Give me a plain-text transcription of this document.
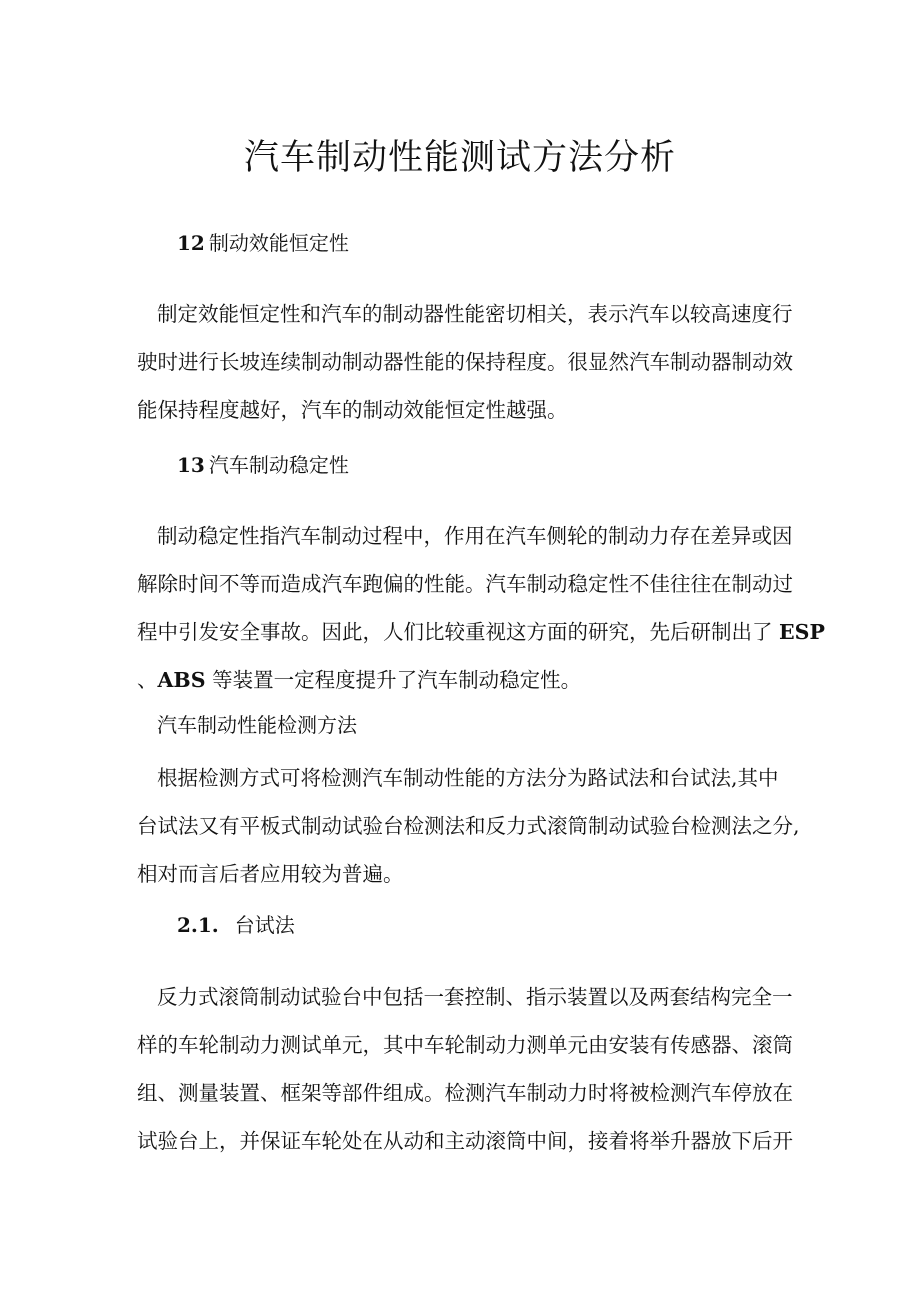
汽车制动性能测试方法分析
12 制动效能恒定性
制定效能恒定性和汽车的制动器性能密切相关，表示汽车以较高速度行
驶时进行长坡连续制动制动器性能的保持程度。很显然汽车制动器制动效
能保持程度越好，汽车的制动效能恒定性越强。
13 汽车制动稳定性
制动稳定性指汽车制动过程中，作用在汽车侧轮的制动力存在差异或因
解除时间不等而造成汽车跑偏的性能。汽车制动稳定性不佳往往在制动过
程中引发安全事故。因此，人们比较重视这方面的研究，先后研制出了 ESP
、ABS 等装置一定程度提升了汽车制动稳定性。
汽车制动性能检测方法
根据检测方式可将检测汽车制动性能的方法分为路试法和台试法,其中
台试法又有平板式制动试验台检测法和反力式滚筒制动试验台检测法之分,
相对而言后者应用较为普遍。
2.1. 台试法
反力式滚筒制动试验台中包括一套控制、指示装置以及两套结构完全一
样的车轮制动力测试单元，其中车轮制动力测单元由安装有传感器、滚筒
组、测量装置、框架等部件组成。检测汽车制动力时将被检测汽车停放在
试验台上，并保证车轮处在从动和主动滚筒中间，接着将举升器放下后开
